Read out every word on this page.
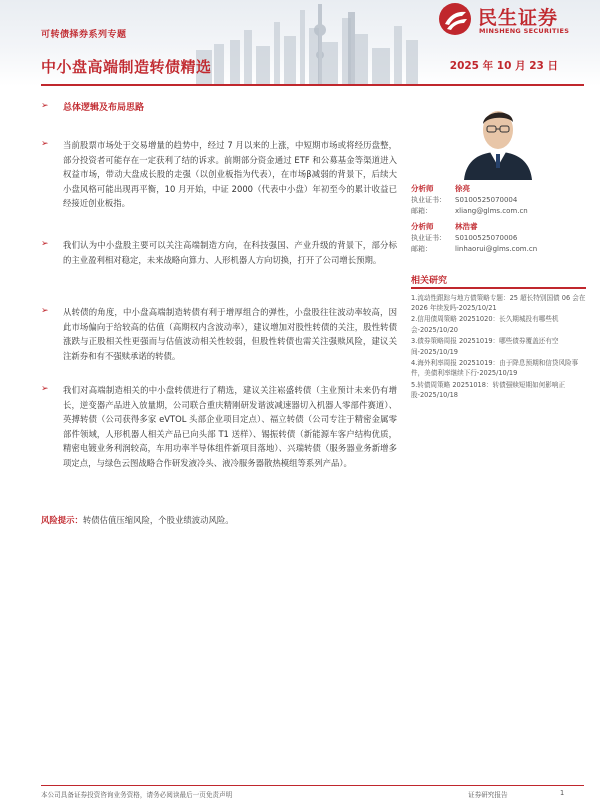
可转债择券系列专题
民生证券
MINSHENG SECURITIES
中小盘高端制造转债精选	2025 年 10 月 23 日
➢ 总体逻辑及布局思路
➢ 当前股票市场处于交易增量的趋势中，经过 7 月以来的上涨，中短期市场或将经历盘整，部分投资者可能存在一定获利了结的诉求。前期部分资金通过 ETF 和公募基金等渠道进入权益市场，带动大盘成长股的走强（以创业板指为代表），在市场β减弱的背景下，后续大小盘风格可能出现再平衡，10 月开始，中证 2000（代表中小盘）年初至今的累计收益已经接近创业板指。
➢ 我们认为中小盘股主要可以关注高端制造方向，在科技强国、产业升级的背景下，部分标的主业盈利相对稳定，未来战略向算力、人形机器人方向切换，打开了公司增长预期。
➢ 从转债的角度，中小盘高端制造转债有利于增厚组合的弹性，小盘股往往波动率较高，因此市场偏向于给较高的估值（高期权内含波动率），建议增加对股性转债的关注，股性转债涨跌与正股相关性更强而与估值波动相关性较弱，但股性转债也需关注强赎风险，建议关注新券和有不强赎承诺的转债。
➢ 我们对高端制造相关的中小盘转债进行了精选，建议关注崧盛转债（主业预计未来仍有增长，逆变器产品进入放量期，公司联合重庆精刚研发谐波减速器切入机器人零部件赛道）、英搏转债（公司获得多家 eVTOL 头部企业项目定点）、福立转债（公司专注于精密金属零部件领域，人形机器人相关产品已向头部 T1 送样）、锡振转债（新能源车客户结构优质，精密电镀业务利润较高，车用功率半导体组件新项目落地）、兴瑞转债（服务器业务新增多项定点，与绿色云图战略合作研发液冷头、液冷服务器散热模组等系列产品）。
风险提示：转债估值压缩风险，个股业绩波动风险。
分析师	徐亮
执业证书： S0100525070004
邮箱：	xliang@glms.com.cn
分析师	林浩睿
执业证书： S0100525070006
邮箱：	linhaorui@glms.com.cn
相关研究
1.流动性跟踪与地方债策略专题：25 超长特别国债 06 会在 2026 年续发吗-2025/10/21
2.信用债周策略 20251020：长久期城投有哪些机会-2025/10/20
3.债券策略周报 20251019：哪些债券覆盖还有空间-2025/10/19
4.海外利率周报 20251019：由于降息预期和信贷风险事件，美债利率继续下行-2025/10/19
5.转债周策略 20251018：转债强赎短期如何影响正股-2025/10/18
本公司具备证券投资咨询业务资格，请务必阅读最后一页免责声明	证券研究报告	1
